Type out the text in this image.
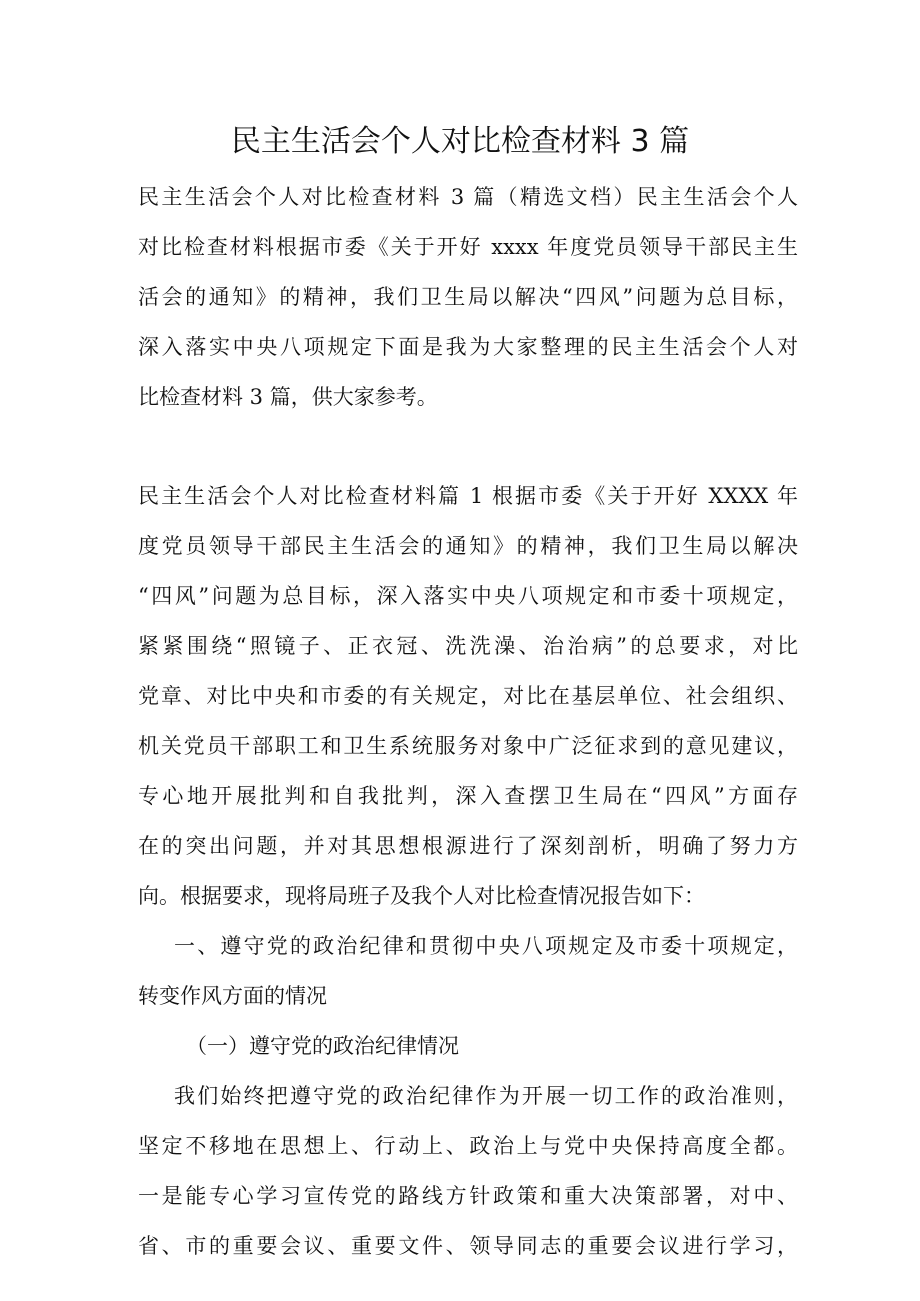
民主生活会个人对比检查材料 3 篇
民主生活会个人对比检查材料 3 篇（精选文档）民主生活会个人
对比检查材料根据市委《关于开好 xxxx 年度党员领导干部民主生
活会的通知》的精神，我们卫生局以解决“四风”问题为总目标，
深入落实中央八项规定下面是我为大家整理的民主生活会个人对
比检查材料 3 篇，供大家参考。
民主生活会个人对比检查材料篇 1 根据市委《关于开好 XXXX 年
度党员领导干部民主生活会的通知》的精神，我们卫生局以解决
“四风”问题为总目标，深入落实中央八项规定和市委十项规定，
紧紧围绕“照镜子、正衣冠、洗洗澡、治治病”的总要求，对比
党章、对比中央和市委的有关规定，对比在基层单位、社会组织、
机关党员干部职工和卫生系统服务对象中广泛征求到的意见建议，
专心地开展批判和自我批判，深入查摆卫生局在“四风”方面存
在的突出问题，并对其思想根源进行了深刻剖析，明确了努力方
向。根据要求，现将局班子及我个人对比检查情况报告如下：
一、遵守党的政治纪律和贯彻中央八项规定及市委十项规定，
转变作风方面的情况
（一）遵守党的政治纪律情况
我们始终把遵守党的政治纪律作为开展一切工作的政治准则，
坚定不移地在思想上、行动上、政治上与党中央保持高度全都。
一是能专心学习宣传党的路线方针政策和重大决策部署，对中、
省、市的重要会议、重要文件、领导同志的重要会议进行学习，
